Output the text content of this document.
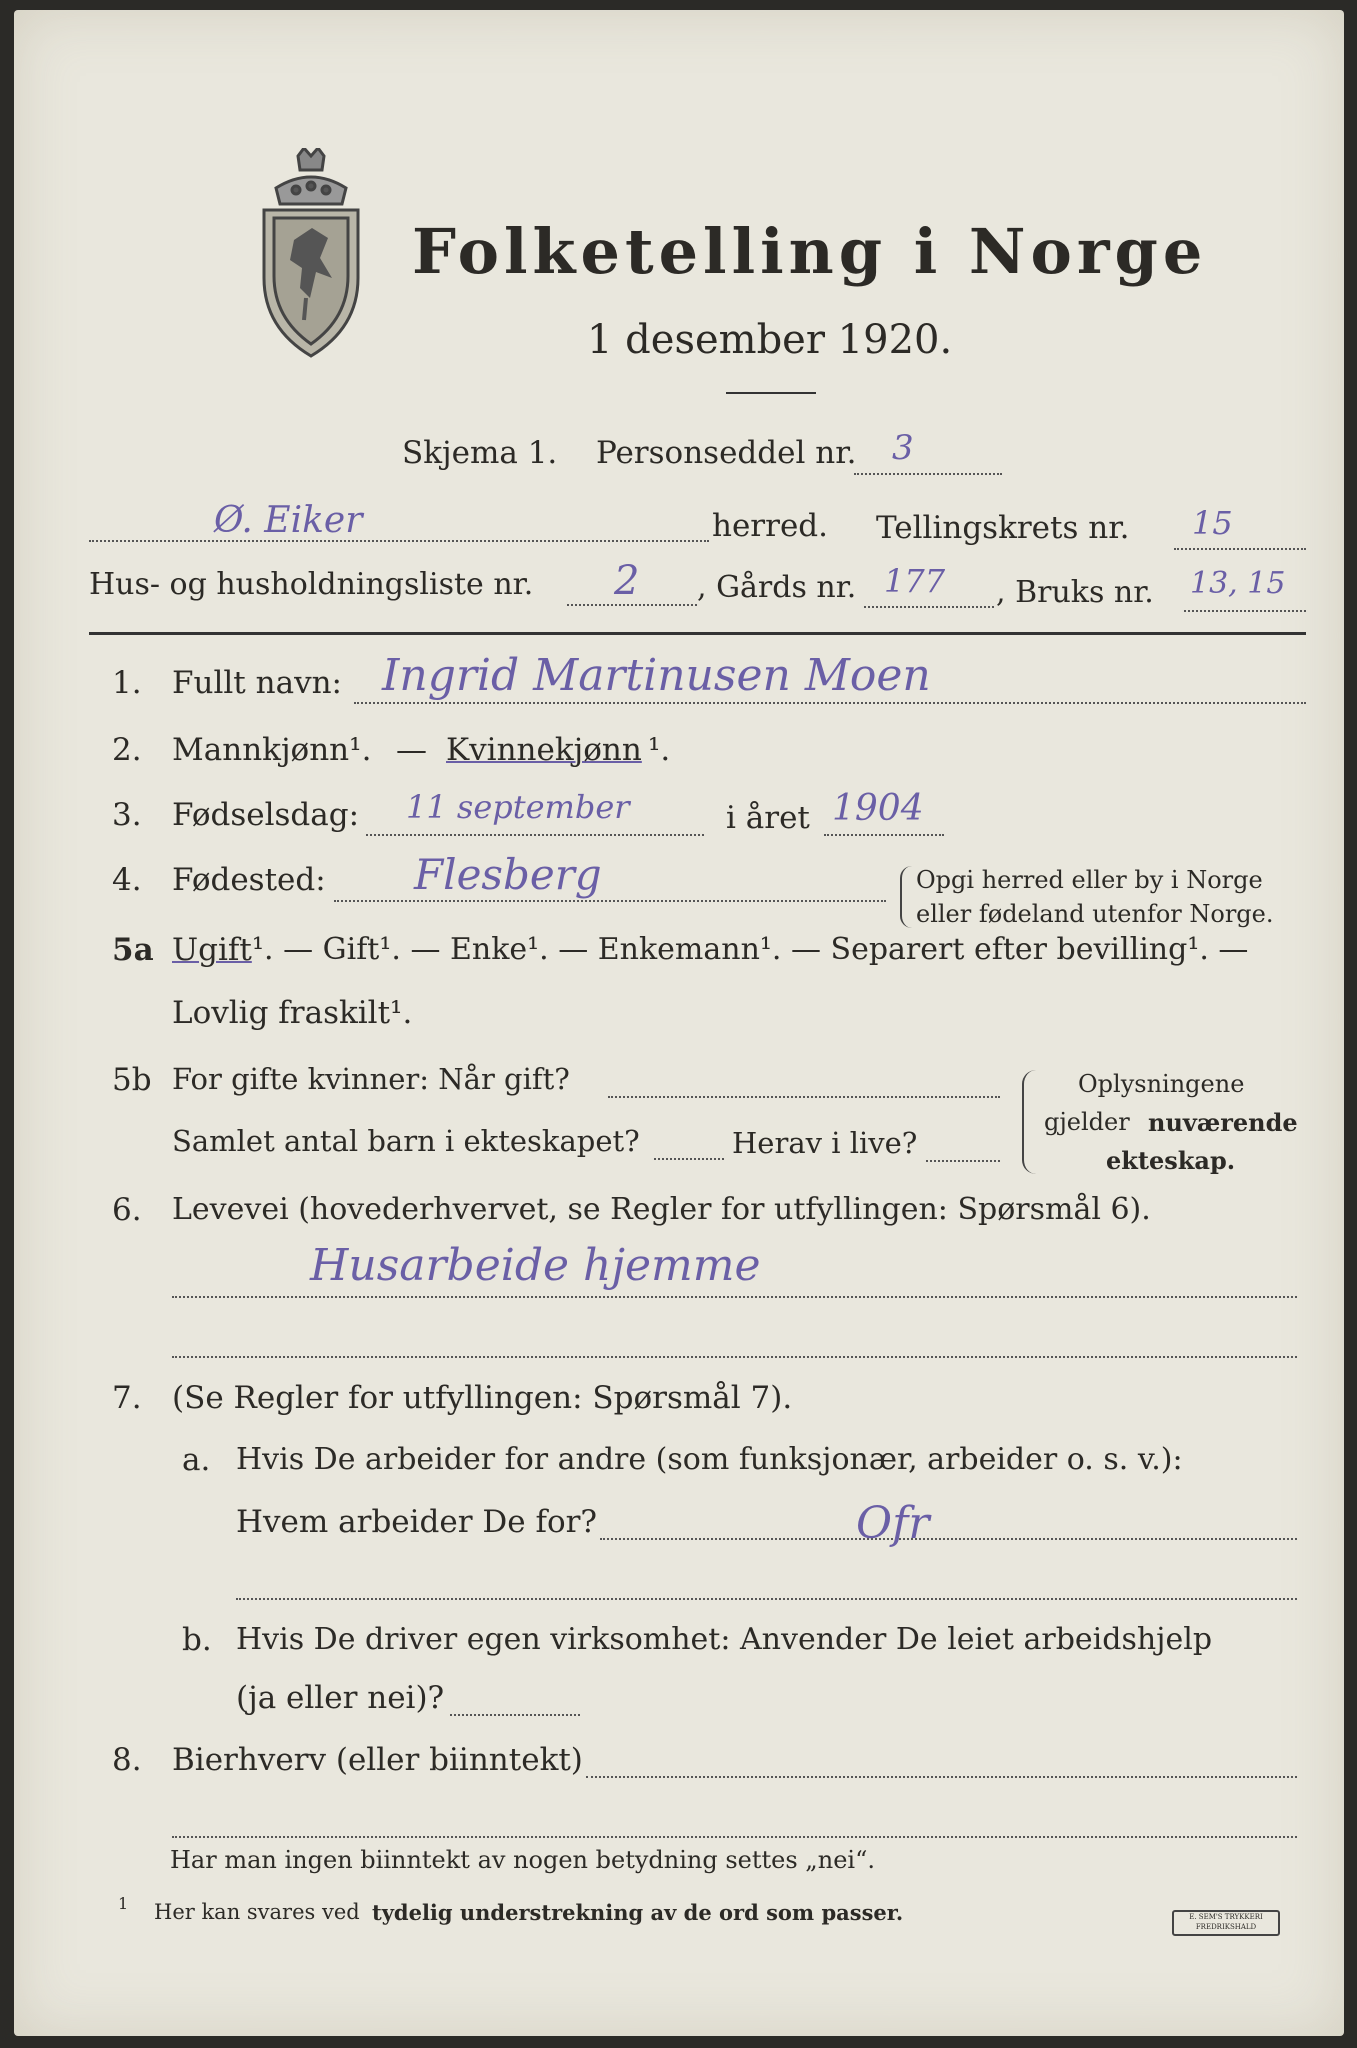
Folketelling i Norge
1 desember 1920.
Skjema 1. Personseddel nr. 3
Ø. Eiker	herred. Tellingskrets nr. 15
Hus- og husholdningsliste nr. 2 , Gårds nr. 177 , Bruks nr. 13, 15
1. Fullt navn: Ingrid Martinusen Moen
2. Mannkjønn¹. — Kvinnekjønn ¹.
3. Fødselsdag: 11 september	i året 1904
4. Fødested: Flesberg	Opgi herred eller by i Norge
eller fødeland utenfor Norge.
5a Ugift ¹. — Gift¹. — Enke¹. — Enkemann¹. — Separert efter bevilling¹. —
Lovlig fraskilt¹.
5b For gifte kvinner: Når gift?
Samlet antal barn i ekteskapet?	Herav i live?
Oplysningene
gjelder nuværende
ekteskap.
6. Levevei (hovederhvervet, se Regler for utfyllingen: Spørsmål 6).
Husarbeide hjemme
7. (Se Regler for utfyllingen: Spørsmål 7).
a. Hvis De arbeider for andre (som funksjonær, arbeider o. s. v.):
Hvem arbeider De for?	Ofr
b. Hvis De driver egen virksomhet: Anvender De leiet arbeidshjelp
(ja eller nei)?
8. Bierhverv (eller biinntekt)
Har man ingen biinntekt av nogen betydning settes „nei“.
1 Her kan svares ved tydelig understrekning av de ord som passer.	E. SEM'S TRYKKERI
FREDRIKSHALD
